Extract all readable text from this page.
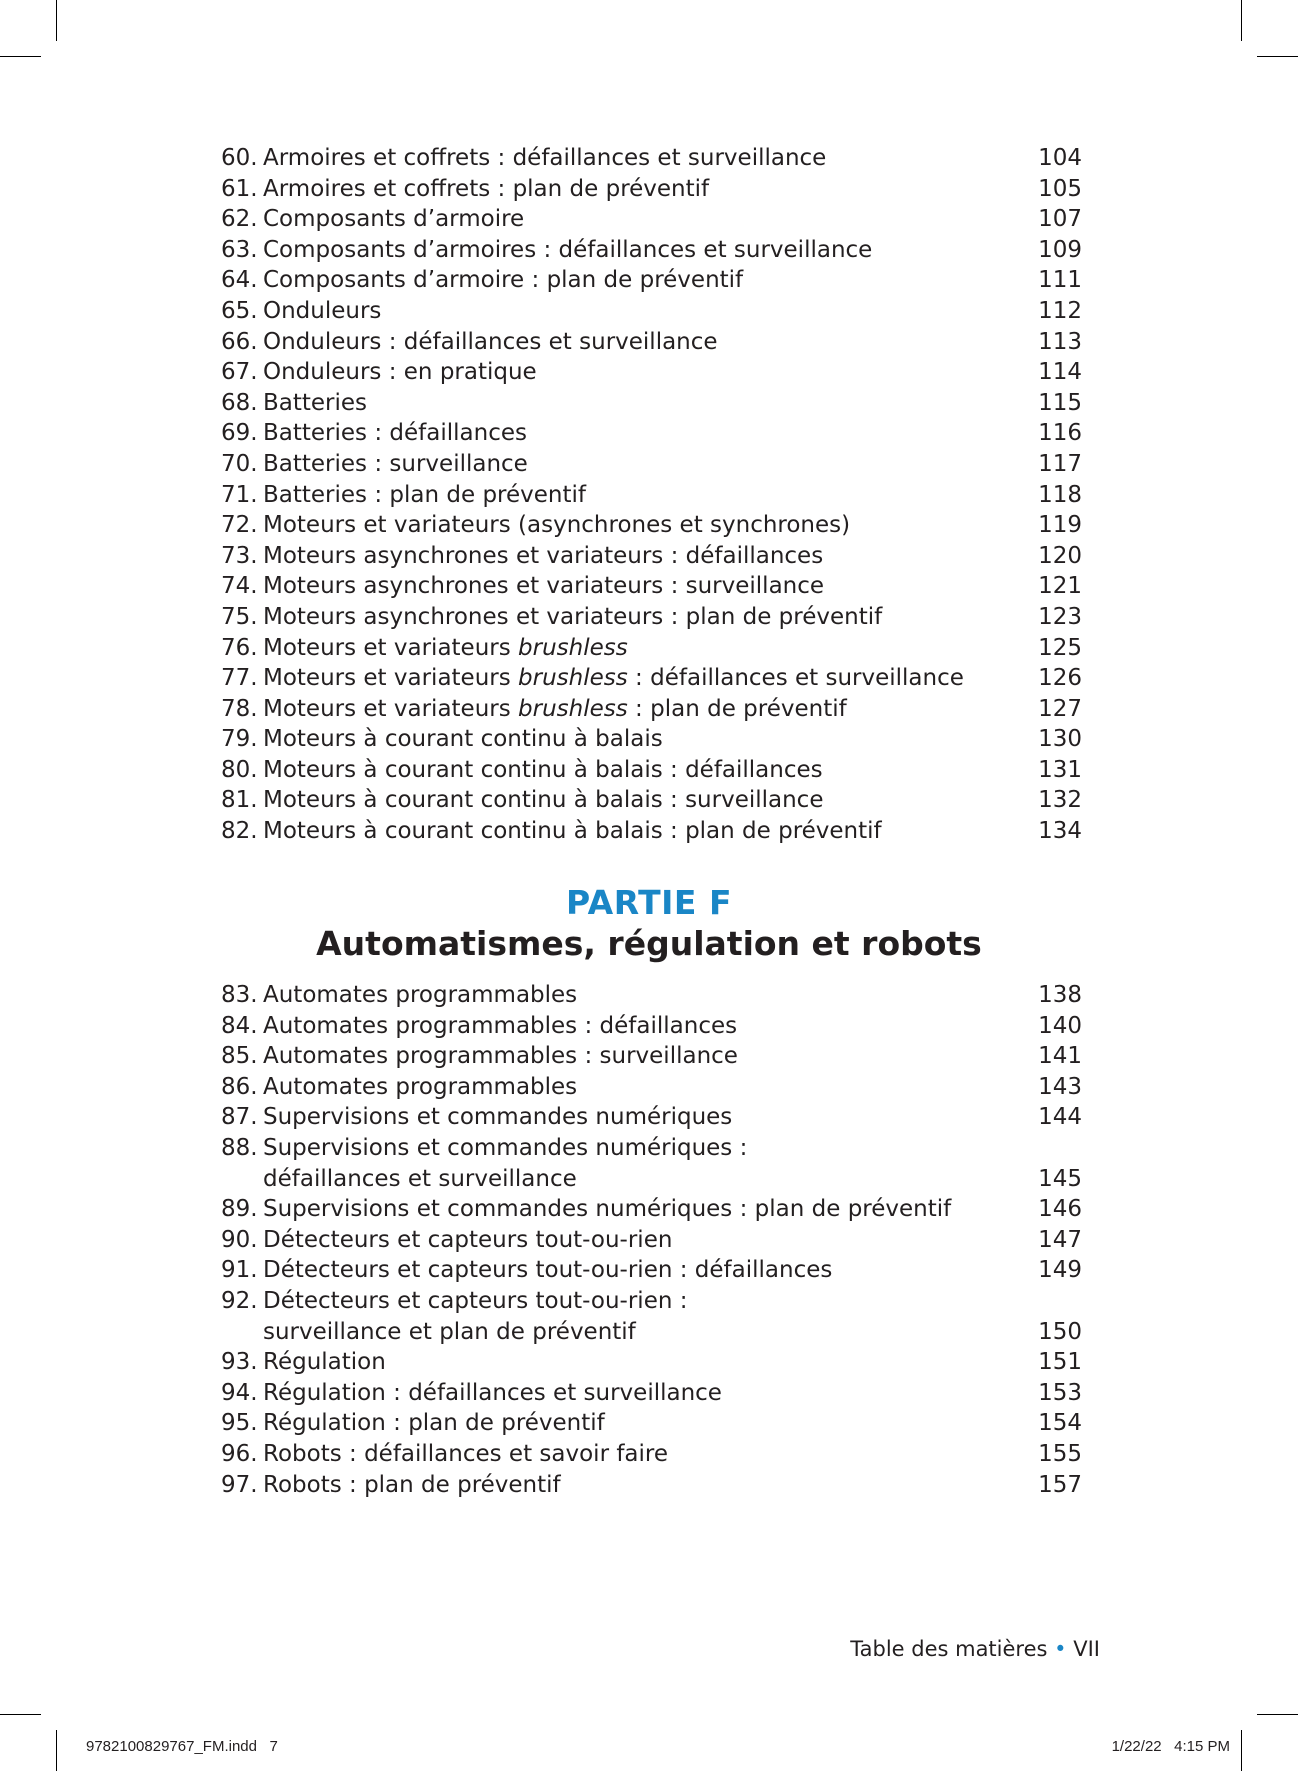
60. Armoires et coffrets : défaillances et surveillance	104
61. Armoires et coffrets : plan de préventif	105
62. Composants d’armoire	107
63. Composants d’armoires : défaillances et surveillance	109
64. Composants d’armoire : plan de préventif	111
65. Onduleurs	112
66. Onduleurs : défaillances et surveillance	113
67. Onduleurs : en pratique	114
68. Batteries	115
69. Batteries : défaillances	116
70. Batteries : surveillance	117
71. Batteries : plan de préventif	118
72. Moteurs et variateurs (asynchrones et synchrones)	119
73. Moteurs asynchrones et variateurs : défaillances	120
74. Moteurs asynchrones et variateurs : surveillance	121
75. Moteurs asynchrones et variateurs : plan de préventif	123
76. Moteurs et variateurs brushless	125
77. Moteurs et variateurs brushless : défaillances et surveillance	126
78. Moteurs et variateurs brushless : plan de préventif	127
79. Moteurs à courant continu à balais	130
80. Moteurs à courant continu à balais : défaillances	131
81. Moteurs à courant continu à balais : surveillance	132
82. Moteurs à courant continu à balais : plan de préventif	134
PARTIE F
Automatismes, régulation et robots
83. Automates programmables	138
84. Automates programmables : défaillances	140
85. Automates programmables : surveillance	141
86. Automates programmables	143
87. Supervisions et commandes numériques	144
88. Supervisions et commandes numériques :
défaillances et surveillance	145
89. Supervisions et commandes numériques : plan de préventif	146
90. Détecteurs et capteurs tout-ou-rien	147
91. Détecteurs et capteurs tout-ou-rien : défaillances	149
92. Détecteurs et capteurs tout-ou-rien :
surveillance et plan de préventif	150
93. Régulation	151
94. Régulation : défaillances et surveillance	153
95. Régulation : plan de préventif	154
96. Robots : défaillances et savoir faire	155
97. Robots : plan de préventif	157
Table des matières • VII
9782100829767_FM.indd   7	1/22/22   4:15 PM
